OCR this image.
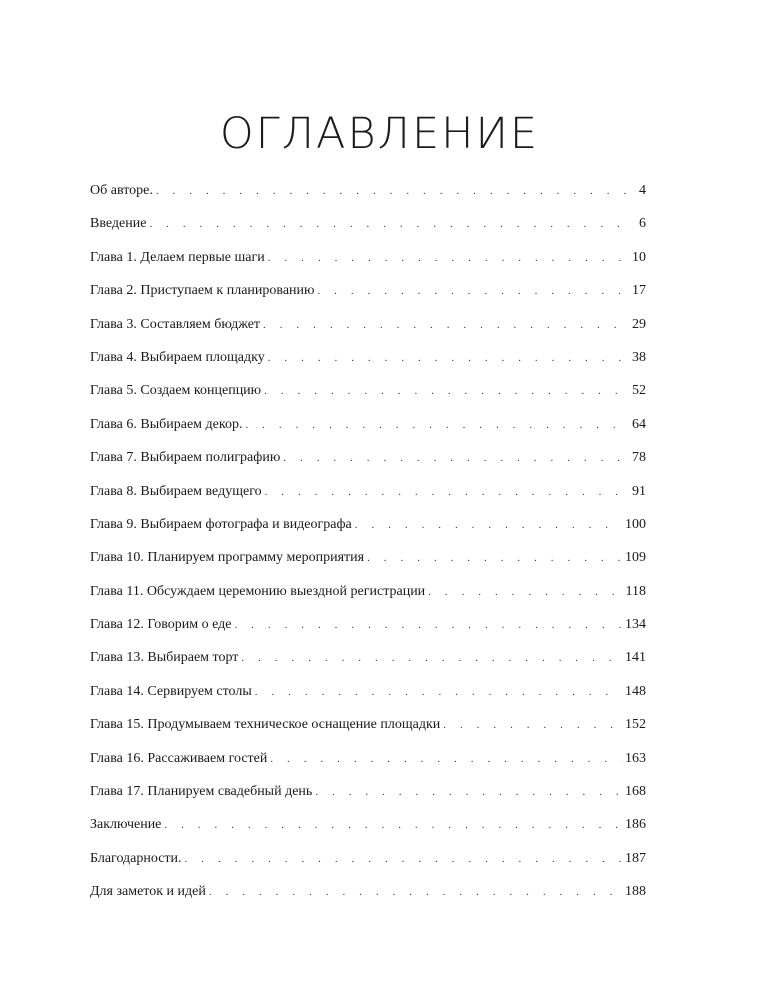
ОГЛАВЛЕНИЕ
Об авторе. . . .	4
Введение . . .	6
Глава 1. Делаем первые шаги . . .	10
Глава 2. Приступаем к планированию . . .	17
Глава 3. Составляем бюджет . . .	29
Глава 4. Выбираем площадку . . .	38
Глава 5. Создаем концепцию . . .	52
Глава 6. Выбираем декор. . . .	64
Глава 7. Выбираем полиграфию . . .	78
Глава 8. Выбираем ведущего . . .	91
Глава 9. Выбираем фотографа и видеографа . . .	100
Глава 10. Планируем программу мероприятия . . .	109
Глава 11. Обсуждаем церемонию выездной регистрации . . .	118
Глава 12. Говорим о еде . . .	134
Глава 13. Выбираем торт . . .	141
Глава 14. Сервируем столы . . .	148
Глава 15. Продумываем техническое оснащение площадки . . .	152
Глава 16. Рассаживаем гостей . . .	163
Глава 17. Планируем свадебный день . . .	168
Заключение . . .	186
Благодарности. . . .	187
Для заметок и идей . . .	188
